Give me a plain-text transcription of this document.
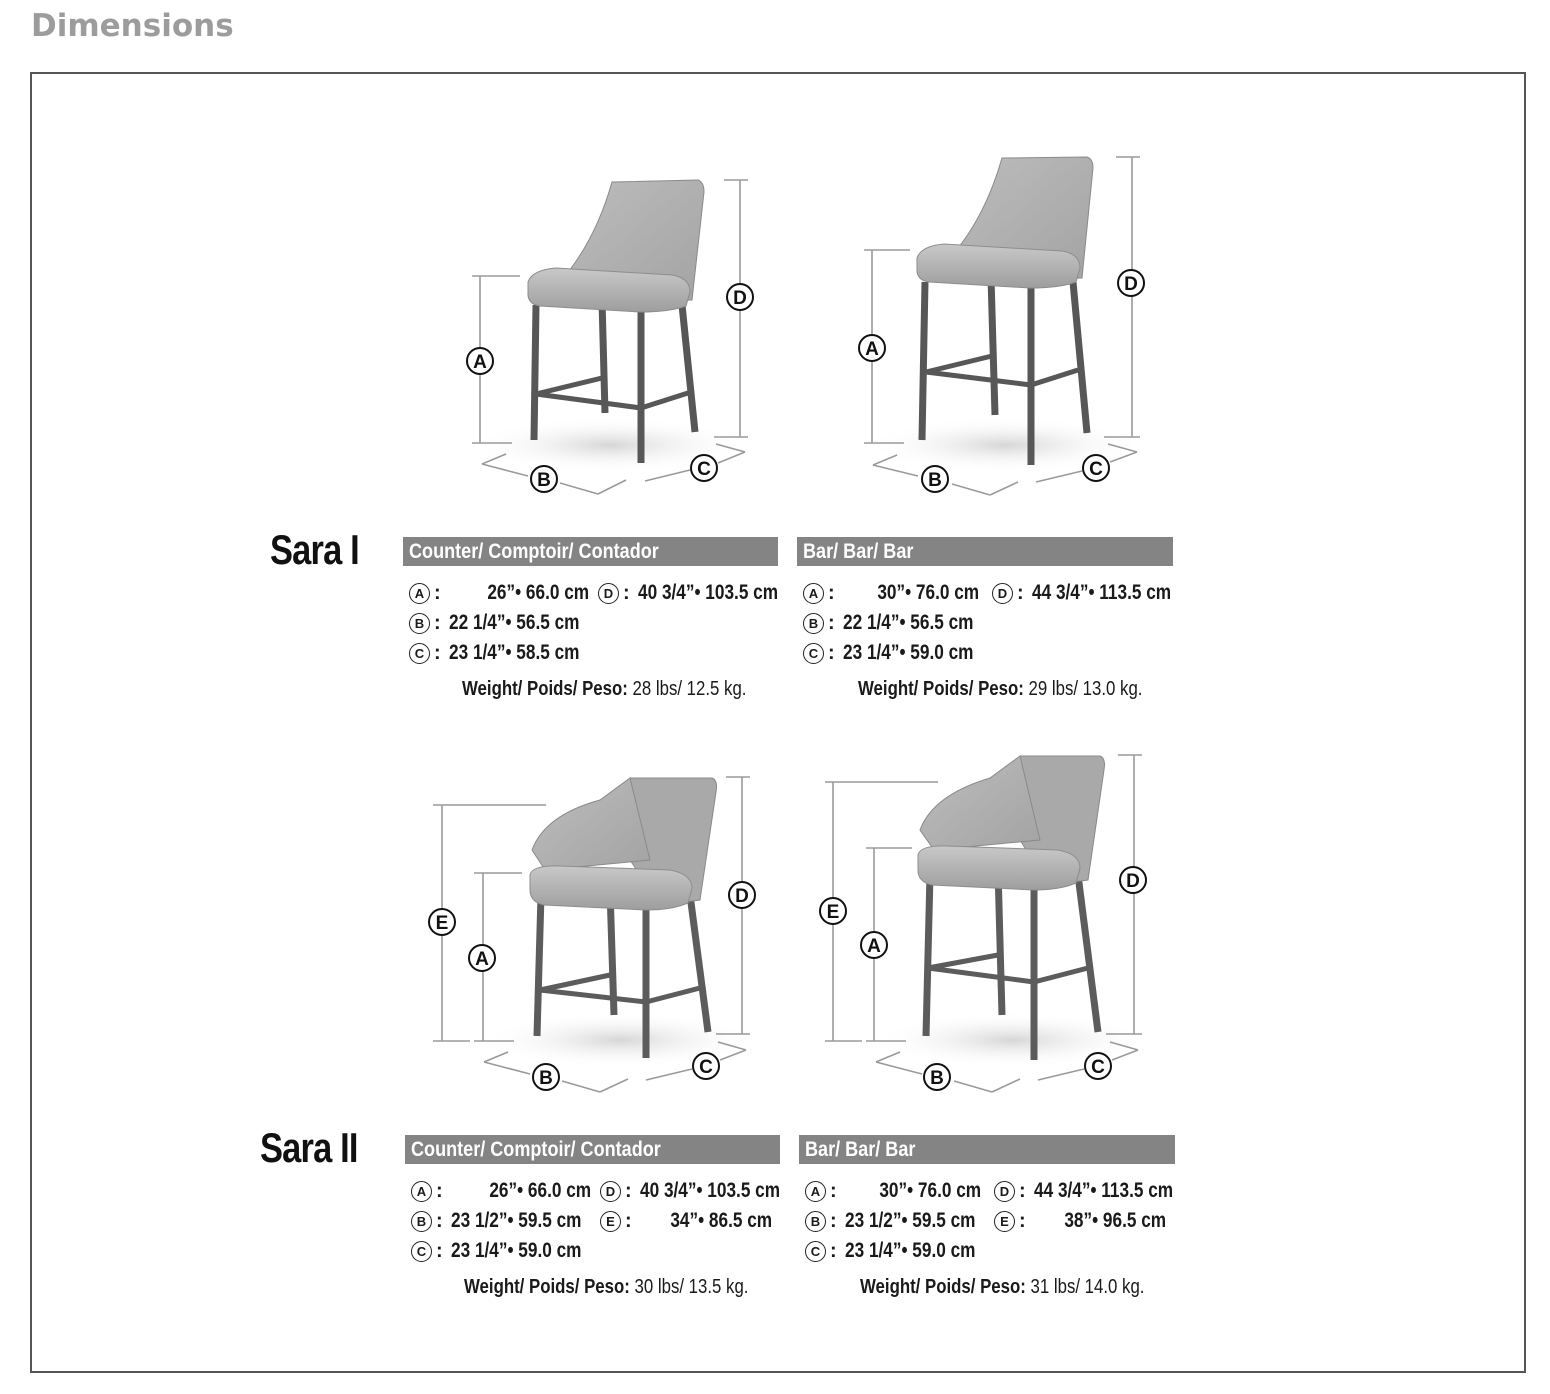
Dimensions
A
D
B
C
A
D
B
C
E
A
D
B
C
E
A
D
B
C
Sara I Counter/ Comptoir/ Contador	Bar/ Bar/ Bar
A : 26”• 66.0 cm	D : 40 3/4”• 103.5 cm
B : 22 1/4”• 56.5 cm
C : 23 1/4”• 58.5 cm
Weight/ Poids/ Peso: 28 lbs/ 12.5 kg.
A : 30”• 76.0 cm	D : 44 3/4”• 113.5 cm
B : 22 1/4”• 56.5 cm
C : 23 1/4”• 59.0 cm
Weight/ Poids/ Peso: 29 lbs/ 13.0 kg.
Sara II	Counter/ Comptoir/ Contador	Bar/ Bar/ Bar
A : 26”• 66.0 cm	D : 40 3/4”• 103.5 cm
B : 23 1/2”• 59.5 cm	E : 34”• 86.5 cm
C : 23 1/4”• 59.0 cm
Weight/ Poids/ Peso: 30 lbs/ 13.5 kg.
A : 30”• 76.0 cm	D : 44 3/4”• 113.5 cm
B : 23 1/2”• 59.5 cm	E : 38”• 96.5 cm
C : 23 1/4”• 59.0 cm
Weight/ Poids/ Peso: 31 lbs/ 14.0 kg.
